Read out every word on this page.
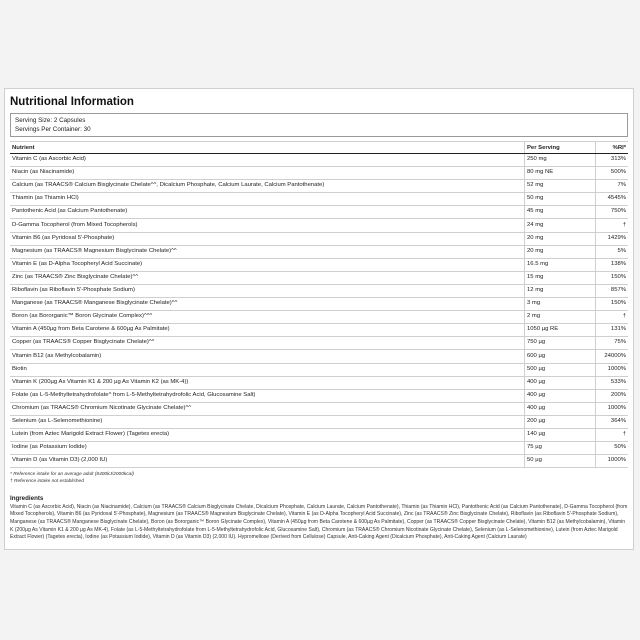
Nutritional Information
Serving Size: 2 Capsules
Servings Per Container: 30
Nutrient	Per Serving	%RI*
Vitamin C (as Ascorbic Acid)	250 mg	313%
Niacin (as Niacinamide)	80 mg NE	500%
Calcium (as TRAACS® Calcium Bisglycinate Chelate^^, Dicalcium Phosphate, Calcium Laurate, Calcium Pantothenate)	52 mg	7%
Thiamin (as Thiamin HCl)	50 mg	4545%
Pantothenic Acid (as Calcium Pantothenate)	45 mg	750%
D-Gamma Tocopherol (from Mixed Tocopherols)	24 mg	†
Vitamin B6 (as Pyridoxal 5'-Phosphate)	20 mg	1429%
Magnesium (as TRAACS® Magnesium Bisglycinate Chelate)^^	20 mg	5%
Vitamin E (as D-Alpha Tocopheryl Acid Succinate)	16.5 mg	138%
Zinc (as TRAACS® Zinc Bisglycinate Chelate)^^	15 mg	150%
Riboflavin (as Riboflavin 5'-Phosphate Sodium)	12 mg	857%
Manganese (as TRAACS® Manganese Bisglycinate Chelate)^^	3 mg	150%
Boron (as Bororganic™ Boron Glycinate Complex)^^^	2 mg	†
Vitamin A (450µg from Beta Carotene & 600µg As Palmitate)	1050 µg RE	131%
Copper (as TRAACS® Copper Bisglycinate Chelate)^^	750 µg	75%
Vitamin B12 (as Methylcobalamin)	600 µg	24000%
Biotin	500 µg	1000%
Vitamin K (200µg As Vitamin K1 & 200 µg As Vitamin K2 (as MK-4))	400 µg	533%
Folate (as L-5-Methyltetrahydrofolate^ from L-5-Methyltetrahydrofolic Acid, Glucosamine Salt)	400 µg	200%
Chromium (as TRAACS® Chromium Nicotinate Glycinate Chelate)^^	400 µg	1000%
Selenium (as L-Selenomethionine)	200 µg	364%
Lutein (from Aztec Marigold Extract Flower) (Tagetes erecta)	140 µg	†
Iodine (as Potassium Iodide)	75 µg	50%
Vitamin D (as Vitamin D3) (2,000 IU)	50 µg	1000%
* Reference intake for an average adult (8400kJ/2000kcal)
† Reference intake not established
Ingredients
Vitamin C (as Ascorbic Acid), Niacin (as Niacinamide), Calcium (as TRAACS® Calcium Bisglycinate Chelate, Dicalcium Phosphate, Calcium Laurate, Calcium Pantothenate), Thiamin (as Thiamin HCl), Pantothenic Acid (as Calcium Pantothenate), D-Gamma Tocopherol (from Mixed Tocopherols), Vitamin B6 (as Pyridoxal 5'-Phosphate), Magnesium (as TRAACS® Magnesium Bisglycinate Chelate), Vitamin E (as D-Alpha Tocopheryl Acid Succinate), Zinc (as TRAACS® Zinc Bisglycinate Chelate), Riboflavin (as Riboflavin 5'-Phosphate Sodium), Manganese (as TRAACS® Manganese Bisglycinate Chelate), Boron (as Bororganic™ Boron Glycinate Complex), Vitamin A (450µg from Beta Carotene & 600µg As Palmitate), Copper (as TRAACS® Copper Bisglycinate Chelate), Vitamin B12 (as Methylcobalamin), Vitamin K (200µg As Vitamin K1 & 200 µg As MK-4), Folate (as L-5-Methyltetrahydrofolate from L-5-Methyltetrahydrofolic Acid, Glucosamine Salt), Chromium (as TRAACS® Chromium Nicotinate Glycinate Chelate), Selenium (as L-Selenomethionine), Lutein (from Aztec Marigold Extract Flower) (Tagetes erecta), Iodine (as Potassium Iodide), Vitamin D (as Vitamin D3) (2,000 IU). Hypromellose (Derived from Cellulose) Capsule, Anti-Caking Agent (Dicalcium Phosphate), Anti-Caking Agent (Calcium Laurate)
